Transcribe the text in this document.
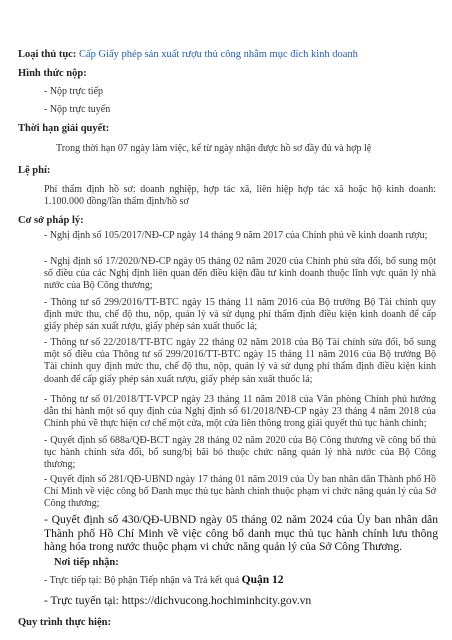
Loại thủ tục: Cấp Giấy phép sản xuất rượu thủ công nhằm mục đích kinh doanh
Hình thức nộp:
- Nộp trực tiếp
- Nộp trực tuyến
Thời hạn giải quyết:
Trong thời hạn 07 ngày làm việc, kể từ ngày nhận được hồ sơ đầy đủ và hợp lệ
Lệ phí:
Phí thẩm định hồ sơ: doanh nghiệp, hợp tác xã, liên hiệp hợp tác xã hoặc hộ kinh doanh: 1.100.000 đồng/lần thẩm định/hồ sơ
Cơ sở pháp lý:
- Nghị định số 105/2017/NĐ-CP ngày 14 tháng 9 năm 2017 của Chính phủ về kinh doanh rượu;
- Nghị định số 17/2020/NĐ-CP ngày 05 tháng 02 năm 2020 của Chính phủ sửa đổi, bổ sung một số điều của các Nghị định liên quan đến điều kiện đầu tư kinh doanh thuộc lĩnh vực quản lý nhà nước của Bộ Công thương;
- Thông tư số 299/2016/TT-BTC ngày 15 tháng 11 năm 2016 của Bộ trưởng Bộ Tài chính quy định mức thu, chế độ thu, nộp, quản lý và sử dụng phí thẩm định điều kiện kinh doanh để cấp giấy phép sản xuất rượu, giấy phép sản xuất thuốc lá;
- Thông tư số 22/2018/TT-BTC ngày 22 tháng 02 năm 2018 của Bộ Tài chính sửa đổi, bổ sung một số điều của Thông tư số 299/2016/TT-BTC ngày 15 tháng 11 năm 2016 của Bộ trưởng Bộ Tài chính quy định mức thu, chế độ thu, nộp, quản lý và sử dụng phí thẩm định điều kiện kinh doanh để cấp giấy phép sản xuất rượu, giấy phép sản xuất thuốc lá;
- Thông tư số 01/2018/TT-VPCP ngày 23 tháng 11 năm 2018 của Văn phòng Chính phủ hướng dẫn thi hành một số quy định của Nghị định số 61/2018/NĐ-CP ngày 23 tháng 4 năm 2018 của Chính phủ về thực hiện cơ chế một cửa, một cửa liên thông trong giải quyết thủ tục hành chính;
- Quyết định số 688a/QĐ-BCT ngày 28 tháng 02 năm 2020 của Bộ Công thương về công bố thủ tục hành chính sửa đổi, bổ sung/bị bãi bỏ thuộc chức năng quản lý nhà nước của Bộ Công thương;
- Quyết định số 281/QĐ-UBND ngày 17 tháng 01 năm 2019 của Ủy ban nhân dân Thành phố Hồ Chí Minh về việc công bố Danh mục thủ tục hành chính thuộc phạm vi chức năng quản lý của Sở Công thương;
- Quyết định số 430/QĐ-UBND ngày 05 tháng 02 năm 2024 của Ủy ban nhân dân Thành phố Hồ Chí Minh về việc công bố danh mục thủ tục hành chính lưu thông hàng hóa trong nước thuộc phạm vi chức năng quản lý của Sở Công Thương.
Nơi tiếp nhận:
- Trực tiếp tại: Bộ phận Tiếp nhận và Trả kết quả Quận 12
- Trực tuyến tại: https://dichvucong.hochiminhcity.gov.vn
Quy trình thực hiện:
